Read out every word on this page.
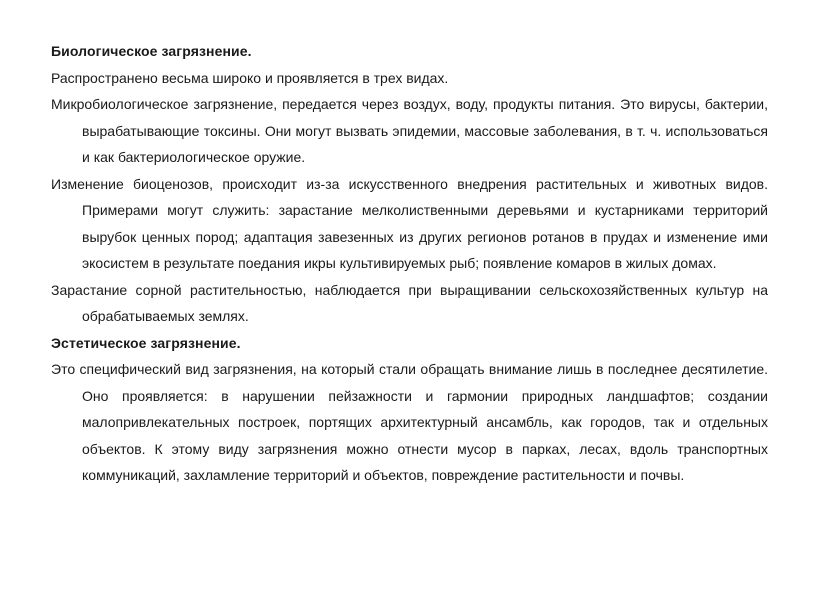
Биологическое загрязнение.

Распространено весьма широко и проявляется в трех видах.

Микробиологическое загрязнение, передается через воздух, воду, продукты питания. Это вирусы, бактерии, вырабатывающие токсины. Они могут вызвать эпидемии, массовые заболевания, в т. ч. использоваться и как бактериологическое оружие.

Изменение биоценозов, происходит из-за искусственного внедрения растительных и животных видов. Примерами могут служить: зарастание мелколиственными деревьями и кустарниками территорий вырубок ценных пород; адаптация завезенных из других регионов ротанов в прудах и изменение ими экосистем в результате поедания икры культивируемых рыб; появление комаров в жилых домах.

Зарастание сорной растительностью, наблюдается при выращивании сельскохозяйственных культур на обрабатываемых землях.

Эстетическое загрязнение.

Это специфический вид загрязнения, на который стали обращать внимание лишь в последнее десятилетие. Оно проявляется: в нарушении пейзажности и гармонии природных ландшафтов; создании малопривлекательных построек, портящих архитектурный ансамбль, как городов, так и отдельных объектов. К этому виду загрязнения можно отнести мусор в парках, лесах, вдоль транспортных коммуникаций, захламление территорий и объектов, повреждение растительности и почвы.
